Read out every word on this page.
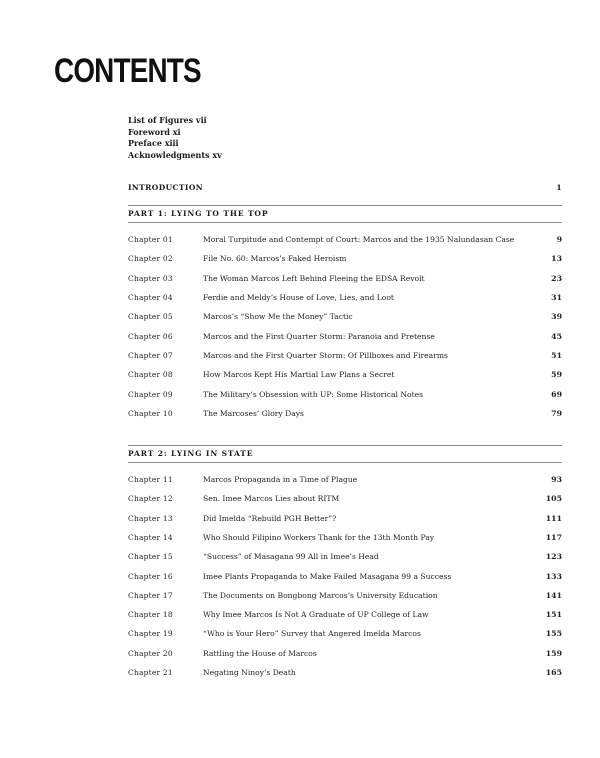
CONTENTS
List of Figures vii
Foreword xi
Preface xiii
Acknowledgments xv
INTRODUCTION	1
PART 1: LYING TO THE TOP
Chapter 01	Moral Turpitude and Contempt of Court: Marcos and the 1935 Nalundasan Case	9
Chapter 02	File No. 60: Marcos’s Faked Heroism	13
Chapter 03	The Woman Marcos Left Behind Fleeing the EDSA Revolt	23
Chapter 04	Ferdie and Meldy’s House of Love, Lies, and Loot	31
Chapter 05	Marcos’s “Show Me the Money” Tactic	39
Chapter 06	Marcos and the First Quarter Storm: Paranoia and Pretense	45
Chapter 07	Marcos and the First Quarter Storm: Of Pillboxes and Firearms	51
Chapter 08	How Marcos Kept His Martial Law Plans a Secret	59
Chapter 09	The Military’s Obsession with UP: Some Historical Notes	69
Chapter 10	The Marcoses’ Glory Days	79
PART 2: LYING IN STATE
Chapter 11	Marcos Propaganda in a Time of Plague	93
Chapter 12	Sen. Imee Marcos Lies about RITM	105
Chapter 13	Did Imelda “Rebuild PGH Better”?	111
Chapter 14	Who Should Filipino Workers Thank for the 13th Month Pay	117
Chapter 15	“Success” of Masagana 99 All in Imee’s Head	123
Chapter 16	Imee Plants Propaganda to Make Failed Masagana 99 a Success	133
Chapter 17	The Documents on Bongbong Marcos’s University Education	141
Chapter 18	Why Imee Marcos Is Not A Graduate of UP College of Law	151
Chapter 19	“Who is Your Hero” Survey that Angered Imelda Marcos	155
Chapter 20	Rattling the House of Marcos	159
Chapter 21	Negating Ninoy’s Death	165
